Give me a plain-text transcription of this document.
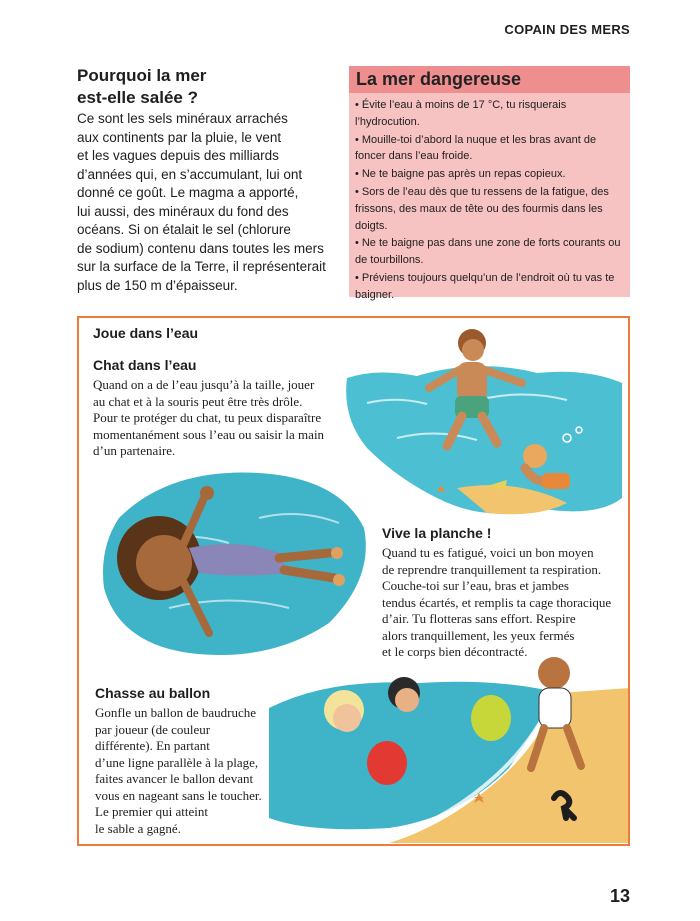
COPAIN DES MERS
Pourquoi la mer
est-elle salée ?
Ce sont les sels minéraux arrachés
aux continents par la pluie, le vent
et les vagues depuis des milliards
d’années qui, en s’accumulant, lui ont
donné ce goût. Le magma a apporté,
lui aussi, des minéraux du fond des
océans. Si on étalait le sel (chlorure
de sodium) contenu dans toutes les mers
sur la surface de la Terre, il représenterait
plus de 150 m d’épaisseur.
La mer dangereuse
• Évite l’eau à moins de 17 °C, tu risquerais l’hydrocution.
• Mouille-toi d’abord la nuque et les bras avant de foncer dans l’eau froide.
• Ne te baigne pas après un repas copieux.
• Sors de l’eau dès que tu ressens de la fatigue, des frissons, des maux de tête ou des fourmis dans les doigts.
• Ne te baigne pas dans une zone de forts courants ou de tourbillons.
• Préviens toujours quelqu’un de l’endroit où tu vas te baigner.
Joue dans l’eau
Chat dans l’eau
Quand on a de l’eau jusqu’à la taille, jouer
au chat et à la souris peut être très drôle.
Pour te protéger du chat, tu peux disparaître
momentanément sous l’eau ou saisir la main
d’un partenaire.
Vive la planche !
Quand tu es fatigué, voici un bon moyen
de reprendre tranquillement ta respiration.
Couche-toi sur l’eau, bras et jambes
tendus écartés, et remplis ta cage thoracique
d’air. Tu flotteras sans effort. Respire
alors tranquillement, les yeux fermés
et le corps bien décontracté.
Chasse au ballon
Gonfle un ballon de baudruche
par joueur (de couleur
différente). En partant
d’une ligne parallèle à la plage,
faites avancer le ballon devant
vous en nageant sans le toucher.
Le premier qui atteint
le sable a gagné.
13
